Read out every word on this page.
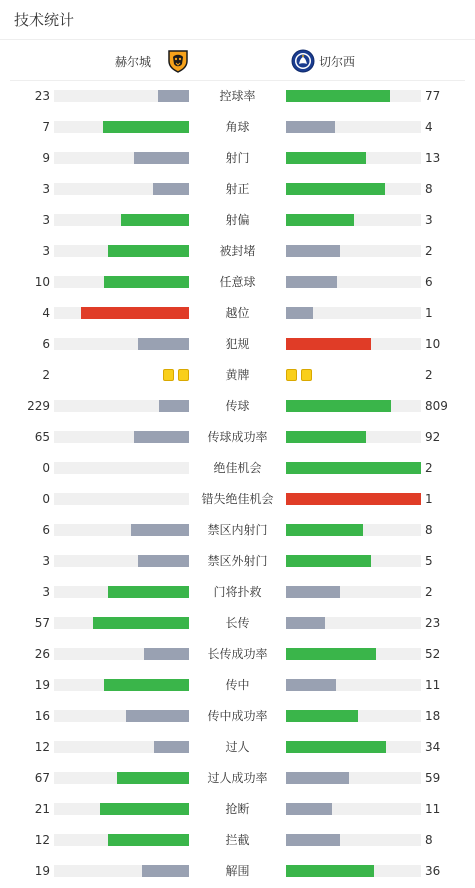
技术统计
赫尔城	切尔西
23	控球率	77
7	角球	4
9	射门	13
3	射正	8
3	射偏	3
3	被封堵	2
10	任意球	6
4	越位	1
6	犯规	10
2	黄牌	2
229	传球	809
65	传球成功率	92
0	绝佳机会	2
0	错失绝佳机会	1
6	禁区内射门	8
3	禁区外射门	5
3	门将扑救	2
57	长传	23
26	长传成功率	52
19	传中	11
16	传中成功率	18
12	过人	34
67	过人成功率	59
21	抢断	11
12	拦截	8
19	解围	36
